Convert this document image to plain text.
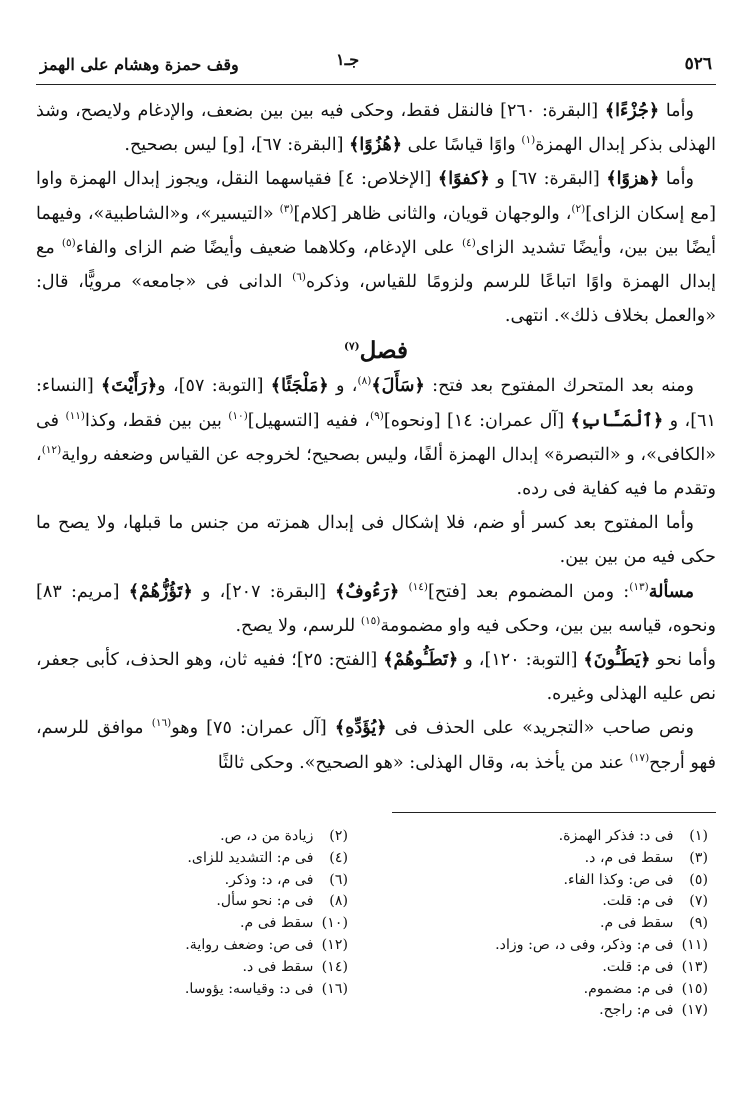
٥٢٦
وقف حمزة وهشام على الهمز	جـ١

وأما ﴿جُزْءًا﴾ [البقرة: ٢٦٠] فالنقل فقط، وحكى فيه بين بين بضعف، والإدغام ولايصح، وشذ الهذلى بذكر إبدال الهمزة$^{(١)}$ واوًا قياسًا على ﴿هُزُوًا﴾ [البقرة: ٦٧]، [و] ليس بصحيح.

وأما ﴿هزوًا﴾ [البقرة: ٦٧] و ﴿كفوًا﴾ [الإخلاص: ٤] فقياسهما النقل، ويجوز إبدال الهمزة واوا [مع إسكان الزاى]$^{(٢)}$، والوجهان قويان، والثانى ظاهر [كلام]$^{(٣)}$ «التيسير»، و«الشاطبية»، وفيهما أيضًا بين بين، وأيضًا تشديد الزاى$^{(٤)}$ على الإدغام، وكلاهما ضعيف وأيضًا ضم الزاى والفاء$^{(٥)}$ مع إبدال الهمزة واوًا اتباعًا للرسم ولزومًا للقياس، وذكره$^{(٦)}$ الدانى فى «جامعه» مرويًّا، قال: «والعمل بخلاف ذلك». انتهى.

فصل$^{(٧)}$

ومنه بعد المتحرك المفتوح بعد فتح: ﴿سَأَلَ﴾$^{(٨)}$، و ﴿مَلْجَئًا﴾ [التوبة: ٥٧]، و﴿رَأَيْتَ﴾ [النساء: ٦١]، و ﴿ٱلْمَـَٔابِ﴾ [آل عمران: ١٤] [ونحوه]$^{(٩)}$، ففيه [التسهيل]$^{(١٠)}$ بين بين فقط، وكذا$^{(١١)}$ فى «الكافى»، و «التبصرة» إبدال الهمزة ألفًا، وليس بصحيح؛ لخروجه عن القياس وضعفه رواية$^{(١٢)}$، وتقدم ما فيه كفاية فى رده.

وأما المفتوح بعد كسر أو ضم، فلا إشكال فى إبدال همزته من جنس ما قبلها، ولا يصح ما حكى فيه من بين بين.

مسألة$^{(١٣)}$: ومن المضموم بعد [فتح]$^{(١٤)}$ ﴿رَءُوفٌ﴾ [البقرة: ٢٠٧]، و ﴿تَؤُزُّهُمْ﴾ [مريم: ٨٣] ونحوه، قياسه بين بين، وحكى فيه واو مضمومة$^{(١٥)}$ للرسم، ولا يصح.

وأما نحو ﴿يَطَـُٔونَ﴾ [التوبة: ١٢٠]، و ﴿تَطَـُٔوهُمْ﴾ [الفتح: ٢٥]؛ ففيه ثان، وهو الحذف، كأبى جعفر، نص عليه الهذلى وغيره.

ونص صاحب «التجريد» على الحذف فى ﴿يُؤَدِّهِ﴾ [آل عمران: ٧٥] وهو$^{(١٦)}$ موافق للرسم، فهو أرجح$^{(١٧)}$ عند من يأخذ به، وقال الهذلى: «هو الصحيح». وحكى ثالثًا

(١) فى د: فذكر الهمزة.
(٣) سقط فى م، د.
(٥) فى ص: وكذا الفاء.
(٧) فى م: قلت.
(٩) سقط فى م.
(١١) فى م: وذكر، وفى د، ص: وزاد.
(١٣) فى م: قلت.
(١٥) فى م: مضموم.
(١٧) فى م: راجح.
(٢) زيادة من د، ص.
(٤) فى م: التشديد للزاى.
(٦) فى م، د: وذكر.
(٨) فى م: نحو سأل.
(١٠) سقط فى م.
(١٢) فى ص: وضعف رواية.
(١٤) سقط فى د.
(١٦) فى د: وقياسه: يؤوسا.
